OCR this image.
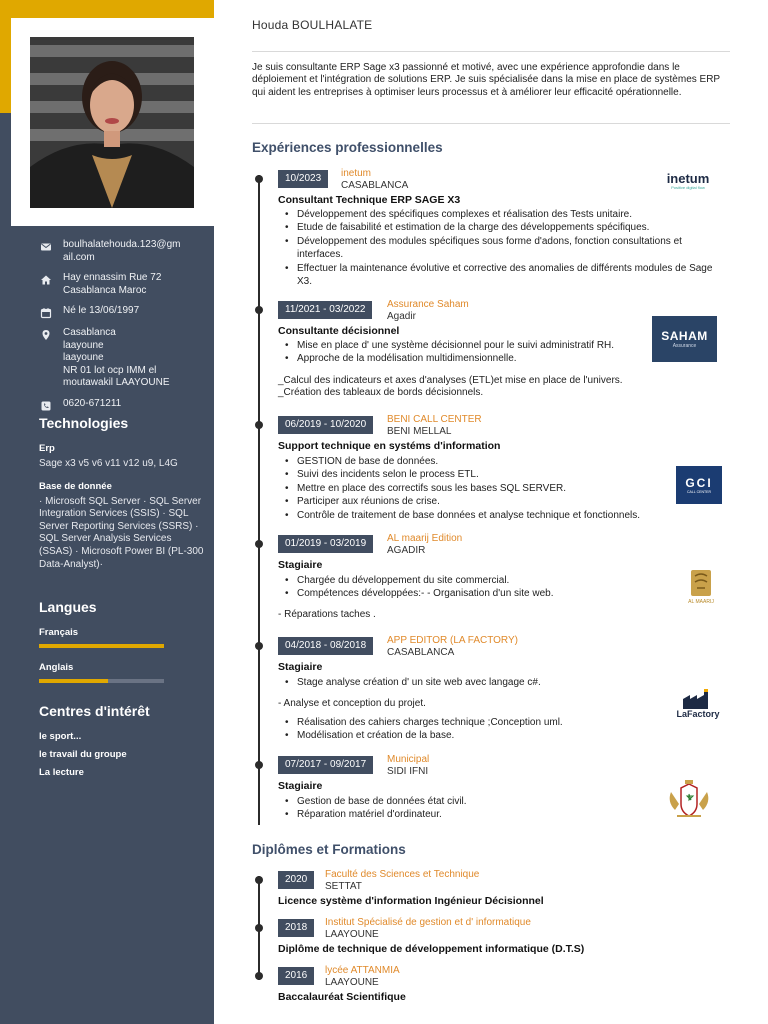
boulhalatehouda.123@gm
ail.com
Hay ennassim Rue 72
Casablanca Maroc
Né le 13/06/1997
Casablanca
laayoune
laayoune
NR 01 lot ocp IMM el
moutawakil LAAYOUNE
0620-671211
Technologies
Erp
Sage x3 v5 v6 v11 v12 u9, L4G
Base de donnée
· Microsoft SQL Server · SQL Server Integration Services (SSIS) · SQL Server Reporting Services (SSRS) · SQL Server Analysis Services (SSAS) · Microsoft Power BI (PL-300 Data-Analyst)·
Langues
Français
Anglais
Centres d'intérêt
le sport...
le travail du groupe
La lecture
Houda BOULHALATE
Je suis consultante ERP Sage x3 passionné et motivé, avec une expérience approfondie dans le déploiement et l'intégration de solutions ERP. Je suis spécialisée dans la mise en place de systèmes ERP qui aident les entreprises à optimiser leurs processus et à améliorer leur efficacité opérationnelle.
Expériences professionnelles
10/2023	inetum
CASABLANCA
Consultant Technique ERP SAGE X3
• Développement des spécifiques complexes et réalisation des Tests unitaire.
• Etude de faisabilité et estimation de la charge des développements spécifiques.
• Développement des modules spécifiques sous forme d'adons, fonction consultations et interfaces.
• Effectuer la maintenance évolutive et corrective des anomalies de différents modules de Sage X3.
inetum
Positive digital flow
11/2021 - 03/2022	Assurance Saham
Agadir
Consultante décisionnel
• Mise en place d' une système décisionnel pour le suivi administratif RH.
• Approche de la modélisation multidimensionnelle.
_Calcul des indicateurs et axes d'analyses (ETL)et mise en place de l'univers.
_Création des tableaux de bords décisionnels.
SAHAM
Assurance
06/2019 - 10/2020	BENI CALL CENTER
BENI MELLAL
Support technique en systéms d'information
• GESTION de base de données.
• Suivi des incidents selon le process ETL.
• Mettre en place des correctifs sous les bases SQL SERVER.
• Participer aux réunions de crise.
• Contrôle de traitement de base données et analyse technique et fonctionnels.
GCI
CALL CENTER
01/2019 - 03/2019	AL maarij Edition
AGADIR
Stagiaire
• Chargée du développement du site commercial.
• Compétences développées:- - Organisation d'un site web.
- Réparations taches .
AL MAARIJ
04/2018 - 08/2018	APP EDITOR (LA FACTORY)
CASABLANCA
Stagiaire
• Stage analyse création d' un site web avec langage c#.
- Analyse et conception du projet.
• Réalisation des cahiers charges technique ;Conception uml.
• Modélisation et création de la base.
LaFactory
07/2017 - 09/2017	Municipal
SIDI IFNI
Stagiaire
• Gestion de base de données état civil.
• Réparation matériel d'ordinateur.
Diplômes et Formations
2020	Faculté des Sciences et Technique
SETTAT
Licence système d'information Ingénieur Décisionnel
2018	Institut Spécialisé de gestion et d' informatique
LAAYOUNE
Diplôme de technique de développement informatique (D.T.S)
2016	lycée ATTANMIA
LAAYOUNE
Baccalauréat Scientifique
